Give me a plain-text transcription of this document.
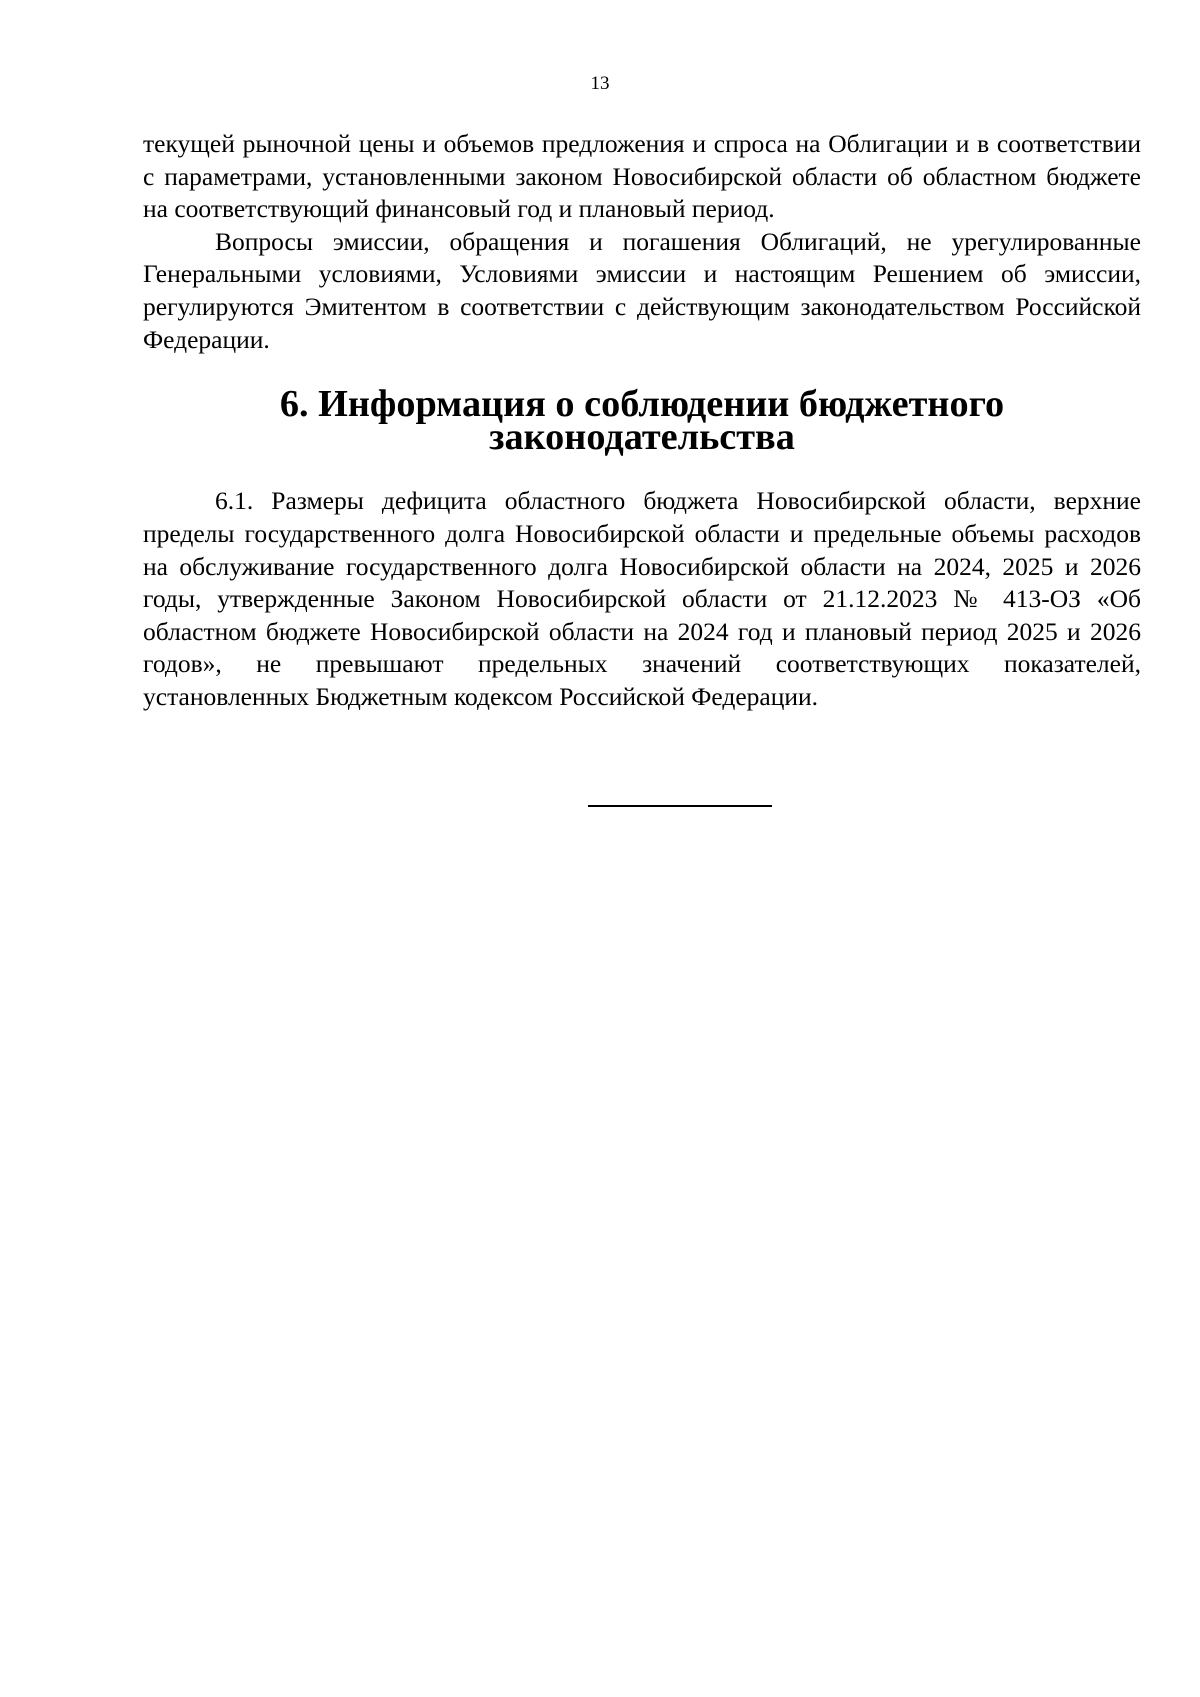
13

текущей рыночной цены и объемов предложения и спроса на Облигации и в соответствии с параметрами, установленными законом Новосибирской области об областном бюджете на соответствующий финансовый год и плановый период.

Вопросы эмиссии, обращения и погашения Облигаций, не урегулированные Генеральными условиями, Условиями эмиссии и настоящим Решением об эмиссии, регулируются Эмитентом в соответствии с действующим законодательством Российской Федерации.

6. Информация о соблюдении бюджетного законодательства

6.1. Размеры дефицита областного бюджета Новосибирской области, верхние пределы государственного долга Новосибирской области и предельные объемы расходов на обслуживание государственного долга Новосибирской области на 2024, 2025 и 2026 годы, утвержденные Законом Новосибирской области от 21.12.2023 № 413-ОЗ «Об областном бюджете Новосибирской области на 2024 год и плановый период 2025 и 2026 годов», не превышают предельных значений соответствующих показателей, установленных Бюджетным кодексом Российской Федерации.
